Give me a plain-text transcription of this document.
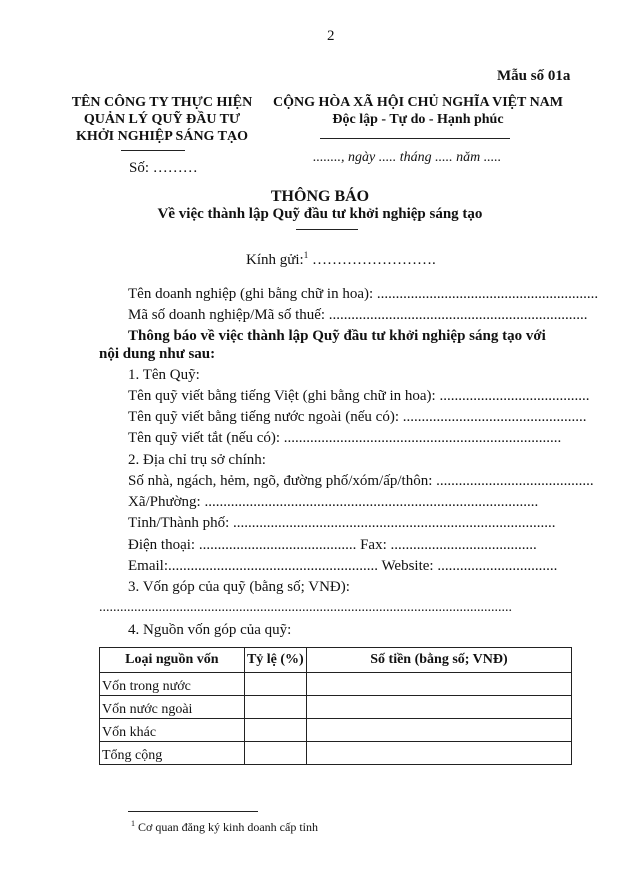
2
Mẫu số 01a
TÊN CÔNG TY THỰC HIỆN
QUẢN LÝ QUỸ ĐẦU TƯ
KHỞI NGHIỆP SÁNG TẠO
Số: ………
CỘNG HÒA XÃ HỘI CHỦ NGHĨA VIỆT NAM
Độc lập - Tự do - Hạnh phúc
........, ngày ..... tháng ..... năm .....
THÔNG BÁO
Về việc thành lập Quỹ đầu tư khởi nghiệp sáng tạo
Kính gửi:$^1$ …………………….
Tên doanh nghiệp (ghi bằng chữ in hoa): ...........................................................
Mã số doanh nghiệp/Mã số thuế: .....................................................................
Thông báo về việc thành lập Quỹ đầu tư khởi nghiệp sáng tạo với
nội dung như sau:
1. Tên Quỹ:
Tên quỹ viết bằng tiếng Việt (ghi bằng chữ in hoa): ........................................
Tên quỹ viết bằng tiếng nước ngoài (nếu có): .................................................
Tên quỹ viết tắt (nếu có): ..........................................................................
2. Địa chỉ trụ sở chính:
Số nhà, ngách, hẻm, ngõ, đường phố/xóm/ấp/thôn: ..........................................
Xã/Phường: .........................................................................................
Tỉnh/Thành phố: ......................................................................................
Điện thoại: .......................................... Fax: .......................................
Email:........................................................ Website: ................................
3. Vốn góp của quỹ (bằng số; VNĐ):
......................................................................................................................
4. Nguồn vốn góp của quỹ:
Loại nguồn vốn	Tỷ lệ (%)	Số tiền (bằng số; VNĐ)
Vốn trong nước		
Vốn nước ngoài		
Vốn khác		
Tổng cộng		
$^1$ Cơ quan đăng ký kinh doanh cấp tỉnh
